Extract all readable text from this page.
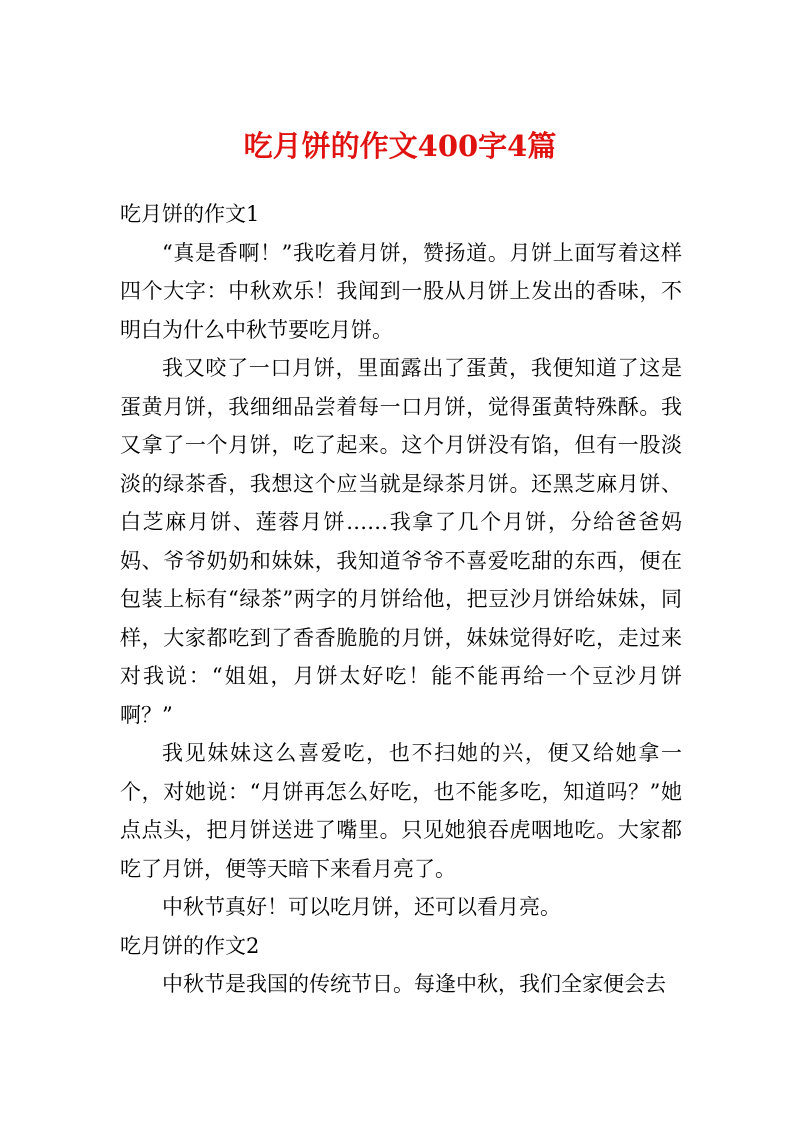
吃月饼的作文400字4篇
吃月饼的作文1

“真是香啊！”我吃着月饼，赞扬道。月饼上面写着这样四个大字：中秋欢乐！我闻到一股从月饼上发出的香味，不明白为什么中秋节要吃月饼。

我又咬了一口月饼，里面露出了蛋黄，我便知道了这是蛋黄月饼，我细细品尝着每一口月饼，觉得蛋黄特殊酥。我又拿了一个月饼，吃了起来。这个月饼没有馅，但有一股淡淡的绿茶香，我想这个应当就是绿茶月饼。还黑芝麻月饼、白芝麻月饼、莲蓉月饼……我拿了几个月饼，分给爸爸妈妈、爷爷奶奶和妹妹，我知道爷爷不喜爱吃甜的东西，便在包装上标有“绿茶”两字的月饼给他，把豆沙月饼给妹妹，同样，大家都吃到了香香脆脆的月饼，妹妹觉得好吃，走过来对我说：“姐姐，月饼太好吃！能不能再给一个豆沙月饼啊？”

我见妹妹这么喜爱吃，也不扫她的兴，便又给她拿一个，对她说：“月饼再怎么好吃，也不能多吃，知道吗？”她点点头，把月饼送进了嘴里。只见她狼吞虎咽地吃。大家都吃了月饼，便等天暗下来看月亮了。

中秋节真好！可以吃月饼，还可以看月亮。

吃月饼的作文2

中秋节是我国的传统节日。每逢中秋，我们全家便会去
